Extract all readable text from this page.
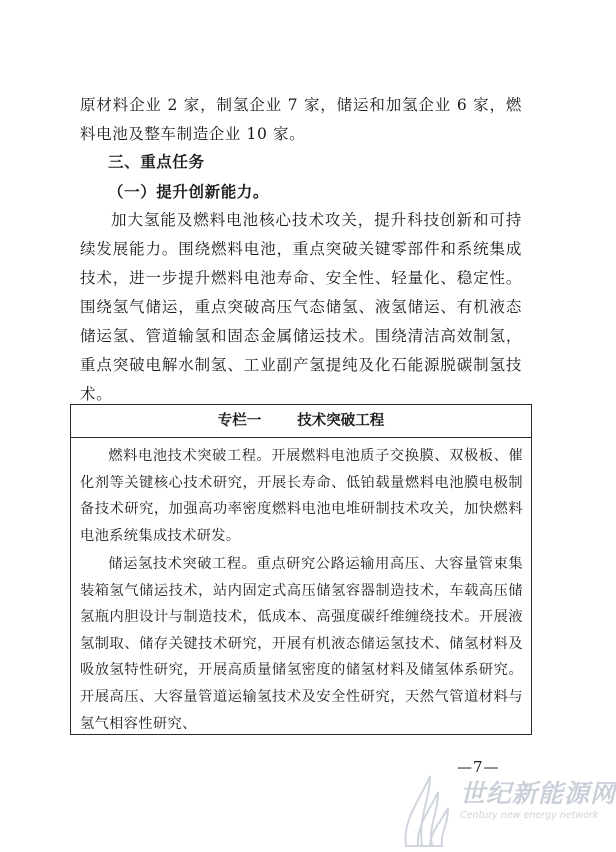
原材料企业 2 家，制氢企业 7 家，储运和加氢企业 6 家，燃料电池及整车制造企业 10 家。

三、重点任务

（一）提升创新能力。

加大氢能及燃料电池核心技术攻关，提升科技创新和可持续发展能力。围绕燃料电池，重点突破关键零部件和系统集成技术，进一步提升燃料电池寿命、安全性、轻量化、稳定性。围绕氢气储运，重点突破高压气态储氢、液氢储运、有机液态储运氢、管道输氢和固态金属储运技术。围绕清洁高效制氢，重点突破电解水制氢、工业副产氢提纯及化石能源脱碳制氢技术。

专栏一 技术突破工程

燃料电池技术突破工程。开展燃料电池质子交换膜、双极板、催化剂等关键核心技术研究，开展长寿命、低铂载量燃料电池膜电极制备技术研究，加强高功率密度燃料电池电堆研制技术攻关，加快燃料电池系统集成技术研发。

储运氢技术突破工程。重点研究公路运输用高压、大容量管束集装箱氢气储运技术，站内固定式高压储氢容器制造技术，车载高压储氢瓶内胆设计与制造技术，低成本、高强度碳纤维缠绕技术。开展液氢制取、储存关键技术研究，开展有机液态储运氢技术、储氢材料及吸放氢特性研究，开展高质量储氢密度的储氢材料及储氢体系研究。开展高压、大容量管道运输氢技术及安全性研究，天然气管道材料与氢气相容性研究、

—7—
世纪新能源网
Century new energy network
